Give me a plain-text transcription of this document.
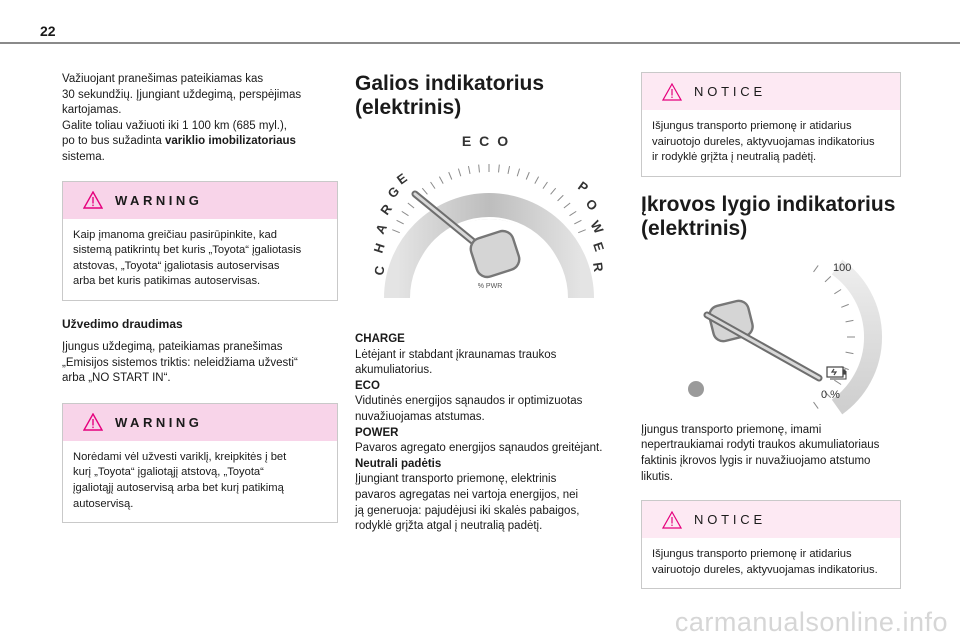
22
Važiuojant pranešimas pateikiamas kas
30 sekundžių. Įjungiant uždegimą, perspėjimas
kartojamas.
Galite toliau važiuoti iki 1 100 km (685 myl.),
po to bus sužadinta variklio imobilizatoriaus
sistema.
WARNING
Kaip įmanoma greičiau pasirūpinkite, kad
sistemą patikrintų bet kuris „Toyota“ įgaliotasis
atstovas, „Toyota“ įgaliotasis autoservisas
arba bet kuris patikimas autoservisas.
Užvedimo draudimas
Įjungus uždegimą, pateikiamas pranešimas
„Emisijos sistemos triktis: neleidžiama užvesti“
arba „NO START IN“.
WARNING
Norėdami vėl užvesti variklį, kreipkitės į bet
kurį „Toyota“ įgaliotąjį atstovą, „Toyota“
įgaliotąjį autoservisą arba bet kurį patikimą
autoservisą.
Galios indikatorius
(elektrinis)
ECO
C
H
A
R
G
E	P
O
W
E
R
% PWR
CHARGE
Lėtėjant ir stabdant įkraunamas traukos
akumuliatorius.
ECO
Vidutinės energijos sąnaudos ir optimizuotas
nuvažiuojamas atstumas.
POWER
Pavaros agregato energijos sąnaudos greitėjant.
Neutrali padėtis
Įjungiant transporto priemonę, elektrinis
pavaros agregatas nei vartoja energijos, nei
ją generuoja: pajudėjusi iki skalės pabaigos,
rodyklė grįžta atgal į neutralią padėtį.
NOTICE
Išjungus transporto priemonę ir atidarius
vairuotojo dureles, aktyvuojamas indikatorius
ir rodyklė grįžta į neutralią padėtį.
Įkrovos lygio indikatorius
(elektrinis)
100
0 %
Įjungus transporto priemonę, imami
nepertraukiamai rodyti traukos akumuliatoriaus
faktinis įkrovos lygis ir nuvažiuojamo atstumo
likutis.
NOTICE
Išjungus transporto priemonę ir atidarius
vairuotojo dureles, aktyvuojamas indikatorius.
carmanualsonline.info
